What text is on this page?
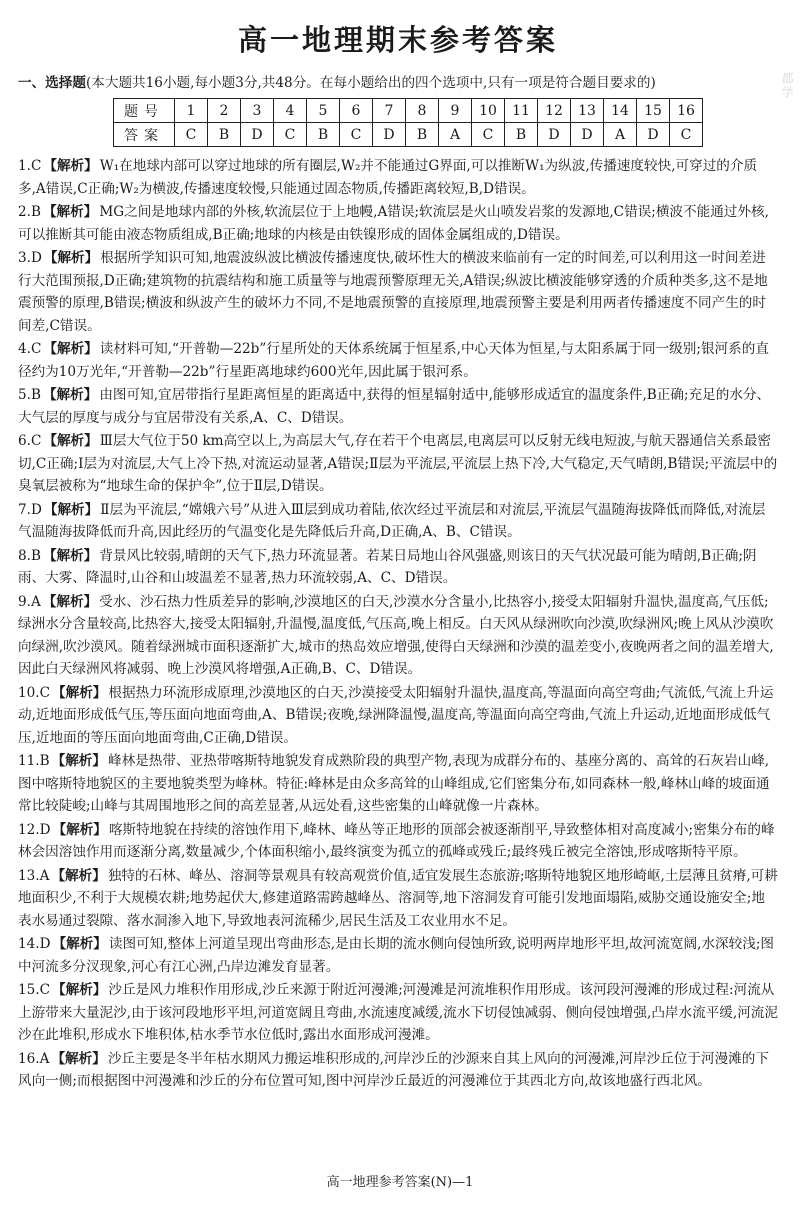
郡学
高一地理期末参考答案

一、选择题(本大题共16小题,每小题3分,共48分。在每小题给出的四个选项中,只有一项是符合题目要求的)

题号	1	2	3	4	5	6	7	8	9	10	11	12	13	14	15	16
答案	C	B	D	C	B	C	D	B	A	C	B	D	D	A	D	C

1.C 【解析】 W₁在地球内部可以穿过地球的所有圈层,W₂并不能通过G界面,可以推断W₁为纵波,传播速度较快,可穿过的介质多,A错误,C正确;W₂为横波,传播速度较慢,只能通过固态物质,传播距离较短,B,D错误。

2.B 【解析】 MG之间是地球内部的外核,软流层位于上地幔,A错误;软流层是火山喷发岩浆的发源地,C错误;横波不能通过外核,可以推断其可能由液态物质组成,B正确;地球的内核是由铁镍形成的固体金属组成的,D错误。

3.D 【解析】 根据所学知识可知,地震波纵波比横波传播速度快,破坏性大的横波来临前有一定的时间差,可以利用这一时间差进行大范围预报,D正确;建筑物的抗震结构和施工质量等与地震预警原理无关,A错误;纵波比横波能够穿透的介质种类多,这不是地震预警的原理,B错误;横波和纵波产生的破坏力不同,不是地震预警的直接原理,地震预警主要是利用两者传播速度不同产生的时间差,C错误。

4.C 【解析】 读材料可知,“开普勒—22b”行星所处的天体系统属于恒星系,中心天体为恒星,与太阳系属于同一级别;银河系的直径约为10万光年,“开普勒—22b”行星距离地球约600光年,因此属于银河系。

5.B 【解析】 由图可知,宜居带指行星距离恒星的距离适中,获得的恒星辐射适中,能够形成适宜的温度条件,B正确;充足的水分、大气层的厚度与成分与宜居带没有关系,A、C、D错误。

6.C 【解析】 Ⅲ层大气位于50 km高空以上,为高层大气,存在若干个电离层,电离层可以反射无线电短波,与航天器通信关系最密切,C正确;Ⅰ层为对流层,大气上冷下热,对流运动显著,A错误;Ⅱ层为平流层,平流层上热下冷,大气稳定,天气晴朗,B错误;平流层中的臭氧层被称为“地球生命的保护伞”,位于Ⅱ层,D错误。

7.D 【解析】 Ⅱ层为平流层,“嫦娥六号”从进入Ⅲ层到成功着陆,依次经过平流层和对流层,平流层气温随海拔降低而降低,对流层气温随海拔降低而升高,因此经历的气温变化是先降低后升高,D正确,A、B、C错误。

8.B 【解析】 背景风比较弱,晴朗的天气下,热力环流显著。若某日局地山谷风强盛,则该日的天气状况最可能为晴朗,B正确;阴雨、大雾、降温时,山谷和山坡温差不显著,热力环流较弱,A、C、D错误。

9.A 【解析】 受水、沙石热力性质差异的影响,沙漠地区的白天,沙漠水分含量小,比热容小,接受太阳辐射升温快,温度高,气压低;绿洲水分含量较高,比热容大,接受太阳辐射,升温慢,温度低,气压高,晚上相反。白天风从绿洲吹向沙漠,吹绿洲风;晚上风从沙漠吹向绿洲,吹沙漠风。随着绿洲城市面积逐渐扩大,城市的热岛效应增强,使得白天绿洲和沙漠的温差变小,夜晚两者之间的温差增大,因此白天绿洲风将减弱、晚上沙漠风将增强,A正确,B、C、D错误。

10.C 【解析】 根据热力环流形成原理,沙漠地区的白天,沙漠接受太阳辐射升温快,温度高,等温面向高空弯曲;气流低,气流上升运动,近地面形成低气压,等压面向地面弯曲,A、B错误;夜晚,绿洲降温慢,温度高,等温面向高空弯曲,气流上升运动,近地面形成低气压,近地面的等压面向地面弯曲,C正确,D错误。

11.B 【解析】 峰林是热带、亚热带喀斯特地貌发育成熟阶段的典型产物,表现为成群分布的、基座分离的、高耸的石灰岩山峰,图中喀斯特地貌区的主要地貌类型为峰林。特征:峰林是由众多高耸的山峰组成,它们密集分布,如同森林一般,峰林山峰的坡面通常比较陡峻;山峰与其周围地形之间的高差显著,从远处看,这些密集的山峰就像一片森林。

12.D 【解析】 喀斯特地貌在持续的溶蚀作用下,峰林、峰丛等正地形的顶部会被逐渐削平,导致整体相对高度减小;密集分布的峰林会因溶蚀作用而逐渐分离,数量减少,个体面积缩小,最终演变为孤立的孤峰或残丘;最终残丘被完全溶蚀,形成喀斯特平原。

13.A 【解析】 独特的石林、峰丛、溶洞等景观具有较高观赏价值,适宜发展生态旅游;喀斯特地貌区地形崎岖,土层薄且贫瘠,可耕地面积少,不利于大规模农耕;地势起伏大,修建道路需跨越峰丛、溶洞等,地下溶洞发育可能引发地面塌陷,威胁交通设施安全;地表水易通过裂隙、落水洞渗入地下,导致地表河流稀少,居民生活及工农业用水不足。

14.D 【解析】 读图可知,整体上河道呈现出弯曲形态,是由长期的流水侧向侵蚀所致,说明两岸地形平坦,故河流宽阔,水深较浅;图中河流多分汊现象,河心有江心洲,凸岸边滩发育显著。

15.C 【解析】 沙丘是风力堆积作用形成,沙丘来源于附近河漫滩;河漫滩是河流堆积作用形成。该河段河漫滩的形成过程:河流从上游带来大量泥沙,由于该河段地形平坦,河道宽阔且弯曲,水流速度减缓,流水下切侵蚀减弱、侧向侵蚀增强,凸岸水流平缓,河流泥沙在此堆积,形成水下堆积体,枯水季节水位低时,露出水面形成河漫滩。

16.A 【解析】 沙丘主要是冬半年枯水期风力搬运堆积形成的,河岸沙丘的沙源来自其上风向的河漫滩,河岸沙丘位于河漫滩的下风向一侧;而根据图中河漫滩和沙丘的分布位置可知,图中河岸沙丘最近的河漫滩位于其西北方向,故该地盛行西北风。

高一地理参考答案(N)—1
